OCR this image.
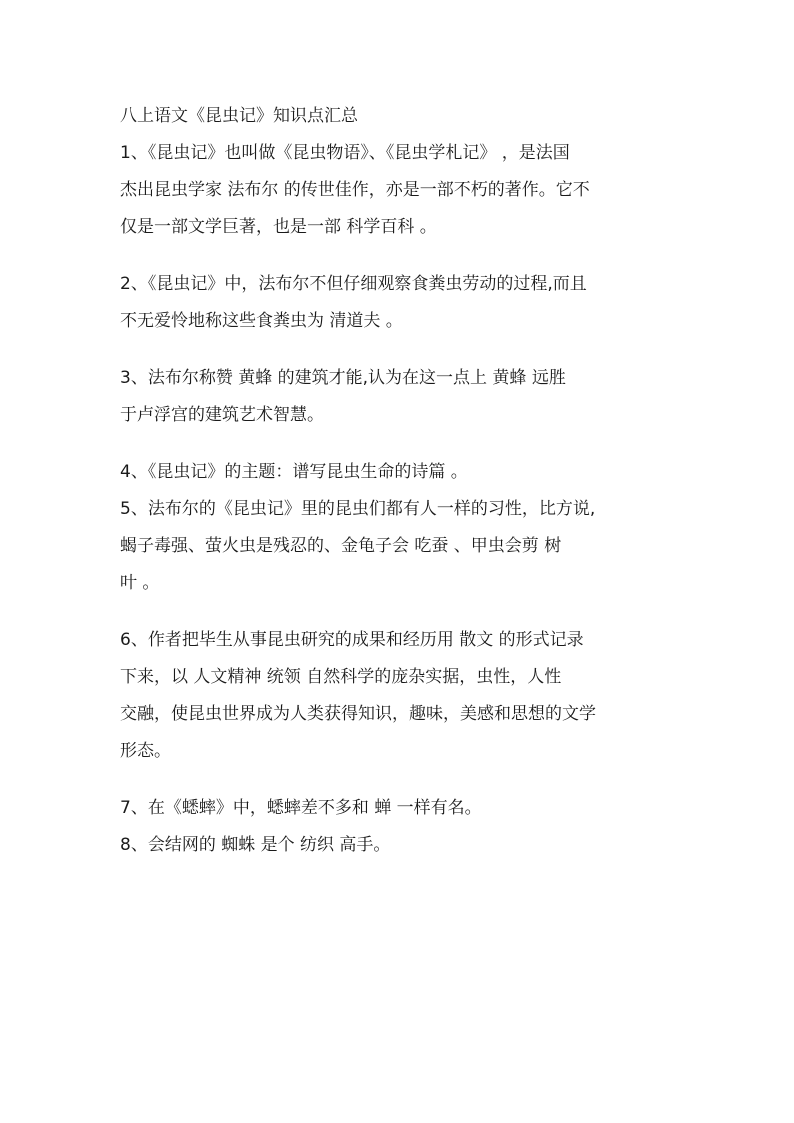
八上语文《昆虫记》知识点汇总
1、《昆虫记》也叫做《昆虫物语》、《昆虫学札记》 ，是法国
杰出昆虫学家 法布尔 的传世佳作，亦是一部不朽的著作。它不
仅是一部文学巨著，也是一部 科学百科 。
2、《昆虫记》中，法布尔不但仔细观察食粪虫劳动的过程,而且
不无爱怜地称这些食粪虫为 清道夫 。
3、法布尔称赞 黄蜂 的建筑才能,认为在这一点上 黄蜂 远胜
于卢浮宫的建筑艺术智慧。
4、《昆虫记》的主题：谱写昆虫生命的诗篇 。
5、法布尔的《昆虫记》里的昆虫们都有人一样的习性，比方说,
蝎子毒强、萤火虫是残忍的、金龟子会 吃蚕 、甲虫会剪 树
叶 。
6、作者把毕生从事昆虫研究的成果和经历用 散文 的形式记录
下来，以 人文精神 统领 自然科学的庞杂实据，虫性，人性
交融，使昆虫世界成为人类获得知识，趣味，美感和思想的文学
形态。
7、在《蟋蟀》中，蟋蟀差不多和 蝉 一样有名。
8、会结网的 蜘蛛 是个 纺织 高手。
